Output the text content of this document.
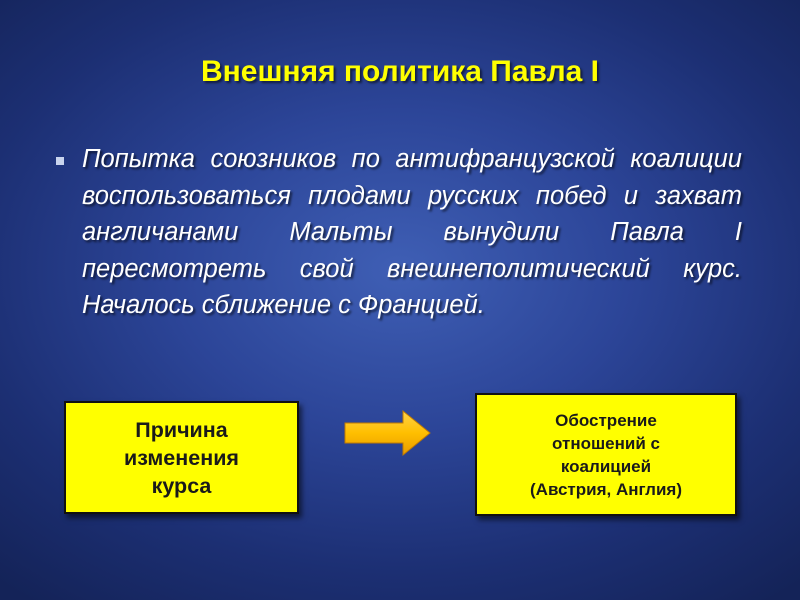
Внешняя политика Павла I
Попытка союзников по антифранцузской коалиции воспользоваться плодами русских побед и захват англичанами Мальты вынудили Павла I пересмотреть свой внешнеполитический курс. Началось сближение с Францией.
Причина
изменения
курса
Обострение
отношений с
коалицией
(Австрия, Англия)
